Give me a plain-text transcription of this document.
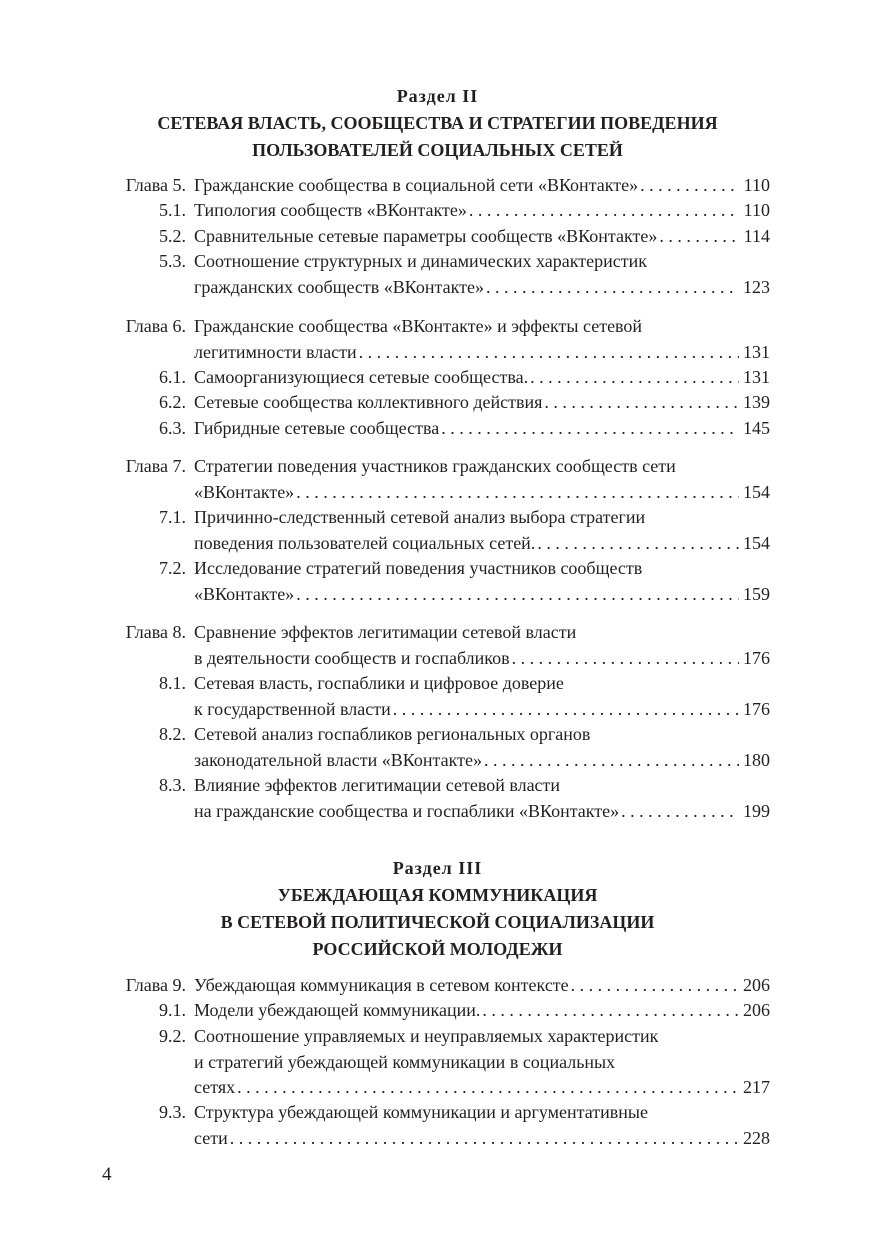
Раздел II
СЕТЕВАЯ ВЛАСТЬ, СООБЩЕСТВА И СТРАТЕГИИ ПОВЕДЕНИЯ
ПОЛЬЗОВАТЕЛЕЙ СОЦИАЛЬНЫХ СЕТЕЙ
Раздел III
УБЕЖДАЮЩАЯ КОММУНИКАЦИЯ
В СЕТЕВОЙ ПОЛИТИЧЕСКОЙ СОЦИАЛИЗАЦИИ
РОССИЙСКОЙ МОЛОДЕЖИ
Глава 5. Гражданские сообщества в социальной сети «ВКонтакте» . . .	110
5.1. Типология сообществ «ВКонтакте» . . .	110
5.2. Сравнительные сетевые параметры сообществ «ВКонтакте» . . .	114
5.3. Соотношение структурных и динамических характеристик
гражданских сообществ «ВКонтакте» . . .	123
Глава 6. Гражданские сообщества «ВКонтакте» и эффекты сетевой
легитимности власти . . .	131
6.1. Самоорганизующиеся сетевые сообщества. . . .	131
6.2. Сетевые сообщества коллективного действия . . .	139
6.3. Гибридные сетевые сообщества . . .	145
Глава 7. Стратегии поведения участников гражданских сообществ сети
«ВКонтакте» . . .	154
7.1. Причинно-следственный сетевой анализ выбора стратегии
поведения пользователей социальных сетей. . . .	154
7.2. Исследование стратегий поведения участников сообществ
«ВКонтакте» . . .	159
Глава 8. Сравнение эффектов легитимации сетевой власти
в деятельности сообществ и госпабликов . . .	176
8.1. Сетевая власть, госпаблики и цифровое доверие
к государственной власти . . .	176
8.2. Сетевой анализ госпабликов региональных органов
законодательной власти «ВКонтакте» . . .	180
8.3. Влияние эффектов легитимации сетевой власти
на гражданские сообщества и госпаблики «ВКонтакте» . . .	199
Глава 9. Убеждающая коммуникация в сетевом контексте . . .	206
9.1. Модели убеждающей коммуникации. . . .	206
9.2. Соотношение управляемых и неуправляемых характеристик
и стратегий убеждающей коммуникации в социальных
сетях . . .	217
9.3. Структура убеждающей коммуникации и аргументативные
сети . . .	228
4
